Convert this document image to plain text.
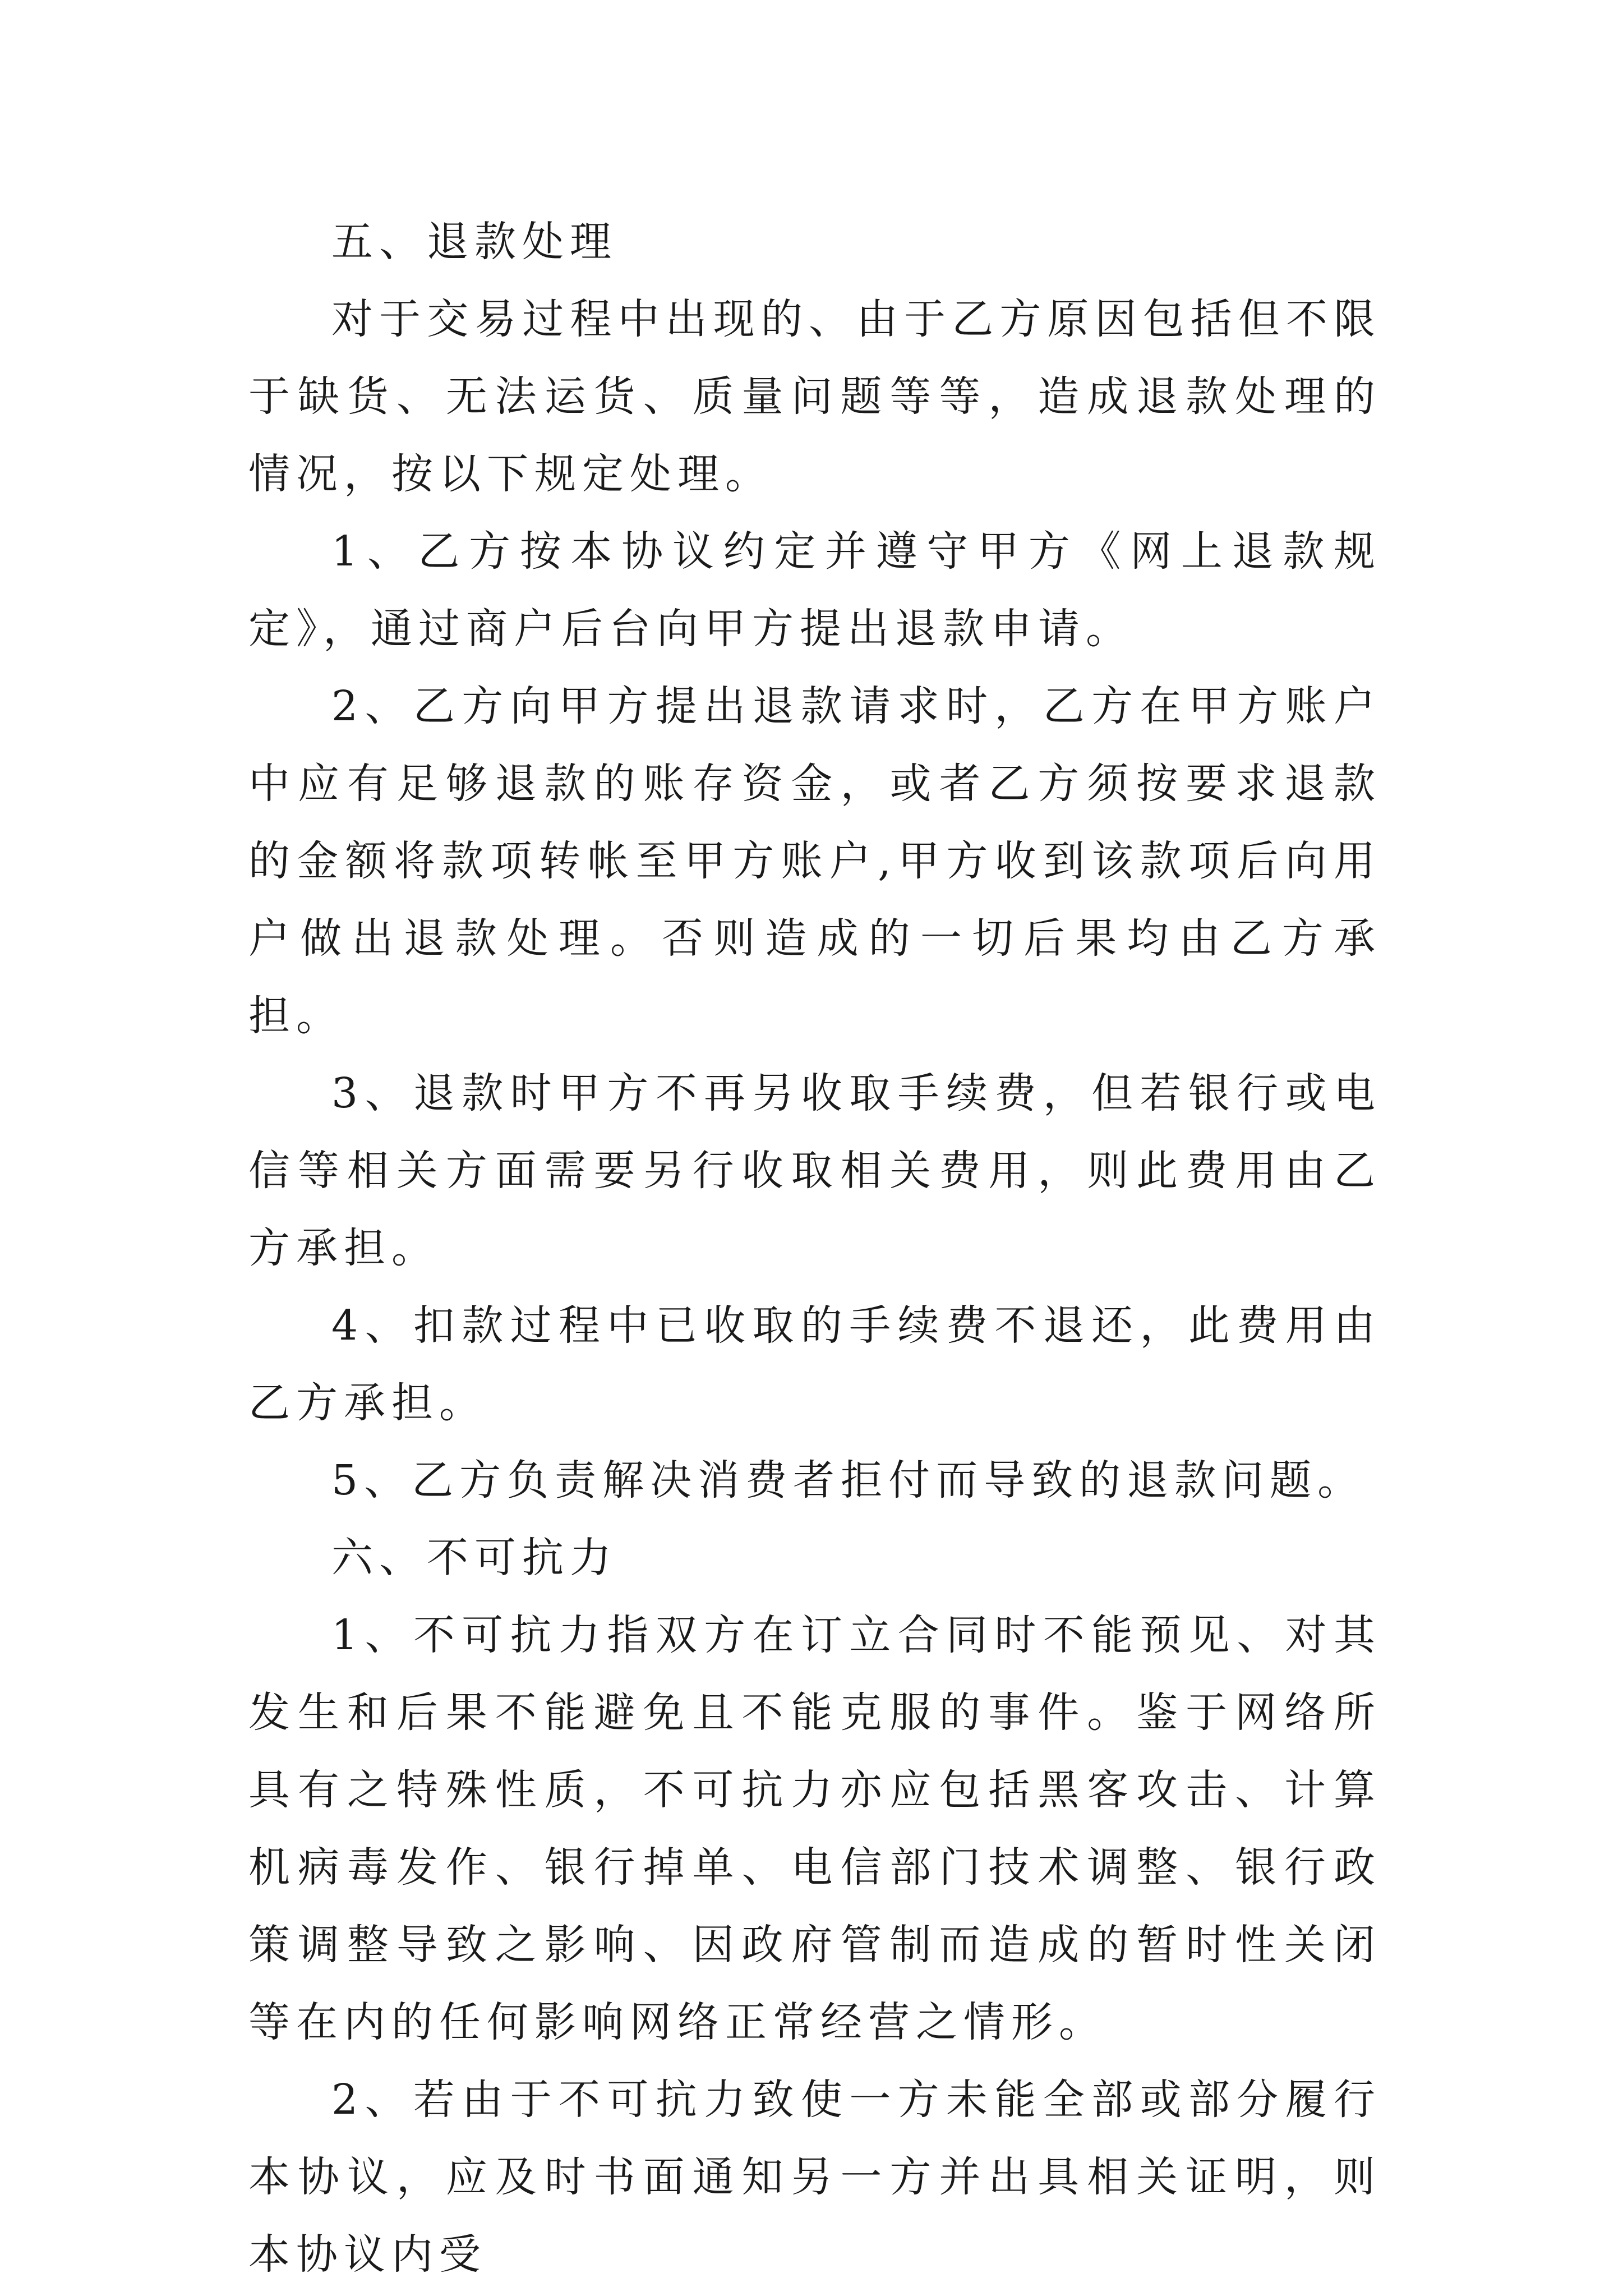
五、退款处理

对于交易过程中出现的、由于乙方原因包括但不限于缺货、无法运货、质量问题等等，造成退款处理的情况，按以下规定处理。

1、乙方按本协议约定并遵守甲方《网上退款规定》，通过商户后台向甲方提出退款申请。

2、乙方向甲方提出退款请求时，乙方在甲方账户中应有足够退款的账存资金，或者乙方须按要求退款的金额将款项转帐至甲方账户,甲方收到该款项后向用户做出退款处理。否则造成的一切后果均由乙方承担。

3、退款时甲方不再另收取手续费，但若银行或电信等相关方面需要另行收取相关费用，则此费用由乙方承担。

4、扣款过程中已收取的手续费不退还，此费用由乙方承担。

5、乙方负责解决消费者拒付而导致的退款问题。

六、不可抗力

1、不可抗力指双方在订立合同时不能预见、对其发生和后果不能避免且不能克服的事件。鉴于网络所具有之特殊性质，不可抗力亦应包括黑客攻击、计算机病毒发作、银行掉单、电信部门技术调整、银行政策调整导致之影响、因政府管制而造成的暂时性关闭等在内的任何影响网络正常经营之情形。

2、若由于不可抗力致使一方未能全部或部分履行本协议，应及时书面通知另一方并出具相关证明，则本协议内受
